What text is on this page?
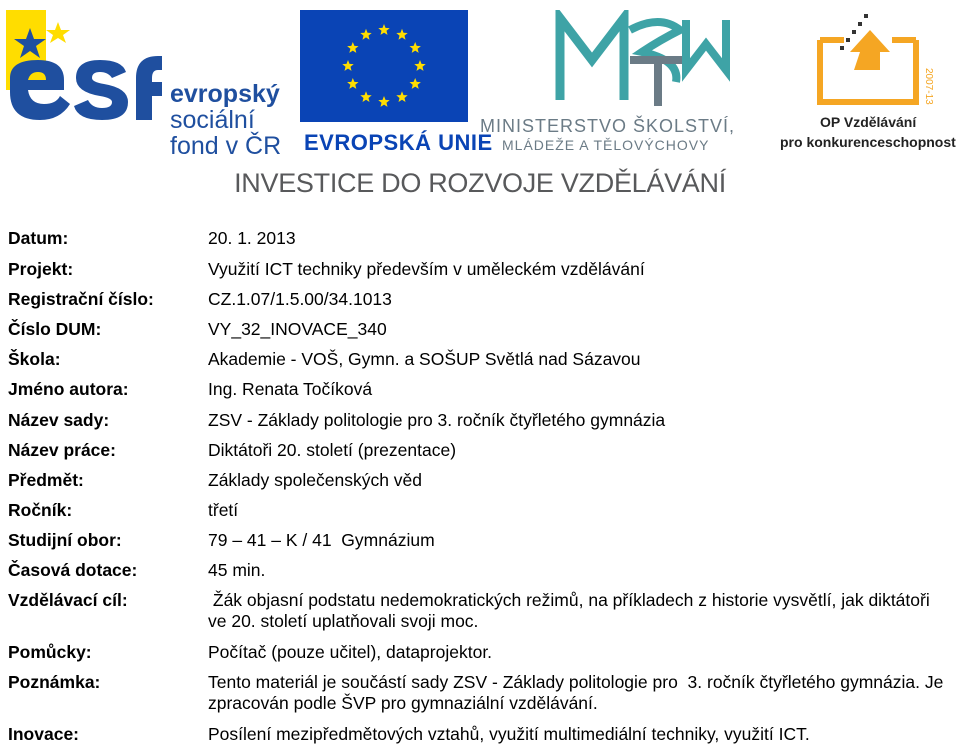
evropský
sociální
fond v ČR EVROPSKÁ UNIE
MINISTERSTVO ŠKOLSTVÍ,
MLÁDEŽE A TĚLOVÝCHOVY
2007-13
OP Vzdělávání
pro konkurenceschopnost
INVESTICE DO ROZVOJE VZDĚLÁVÁNÍ
Datum:	20. 1. 2013
Projekt:	Využití ICT techniky především v uměleckém vzdělávání
Registrační číslo:	CZ.1.07/1.5.00/34.1013
Číslo DUM:	VY_32_INOVACE_340
Škola:	Akademie - VOŠ, Gymn. a SOŠUP Světlá nad Sázavou
Jméno autora:	Ing. Renata Točíková
Název sady:	ZSV - Základy politologie pro 3. ročník čtyřletého gymnázia
Název práce:	Diktátoři 20. století (prezentace)
Předmět:	Základy společenských věd
Ročník:	třetí
Studijní obor:	79 – 41 – K / 41  Gymnázium
Časová dotace:	45 min.
Vzdělávací cíl:	Žák objasní podstatu nedemokratických režimů, na příkladech z historie vysvětlí, jak diktátoři ve 20. století uplatňovali svoji moc.
Pomůcky:	Počítač (pouze učitel), dataprojektor.
Poznámka:	Tento materiál je součástí sady ZSV - Základy politologie pro  3. ročník čtyřletého gymnázia. Je zpracován podle ŠVP pro gymnaziální vzdělávání.
Inovace:	Posílení mezipředmětových vztahů, využití multimediální techniky, využití ICT.
